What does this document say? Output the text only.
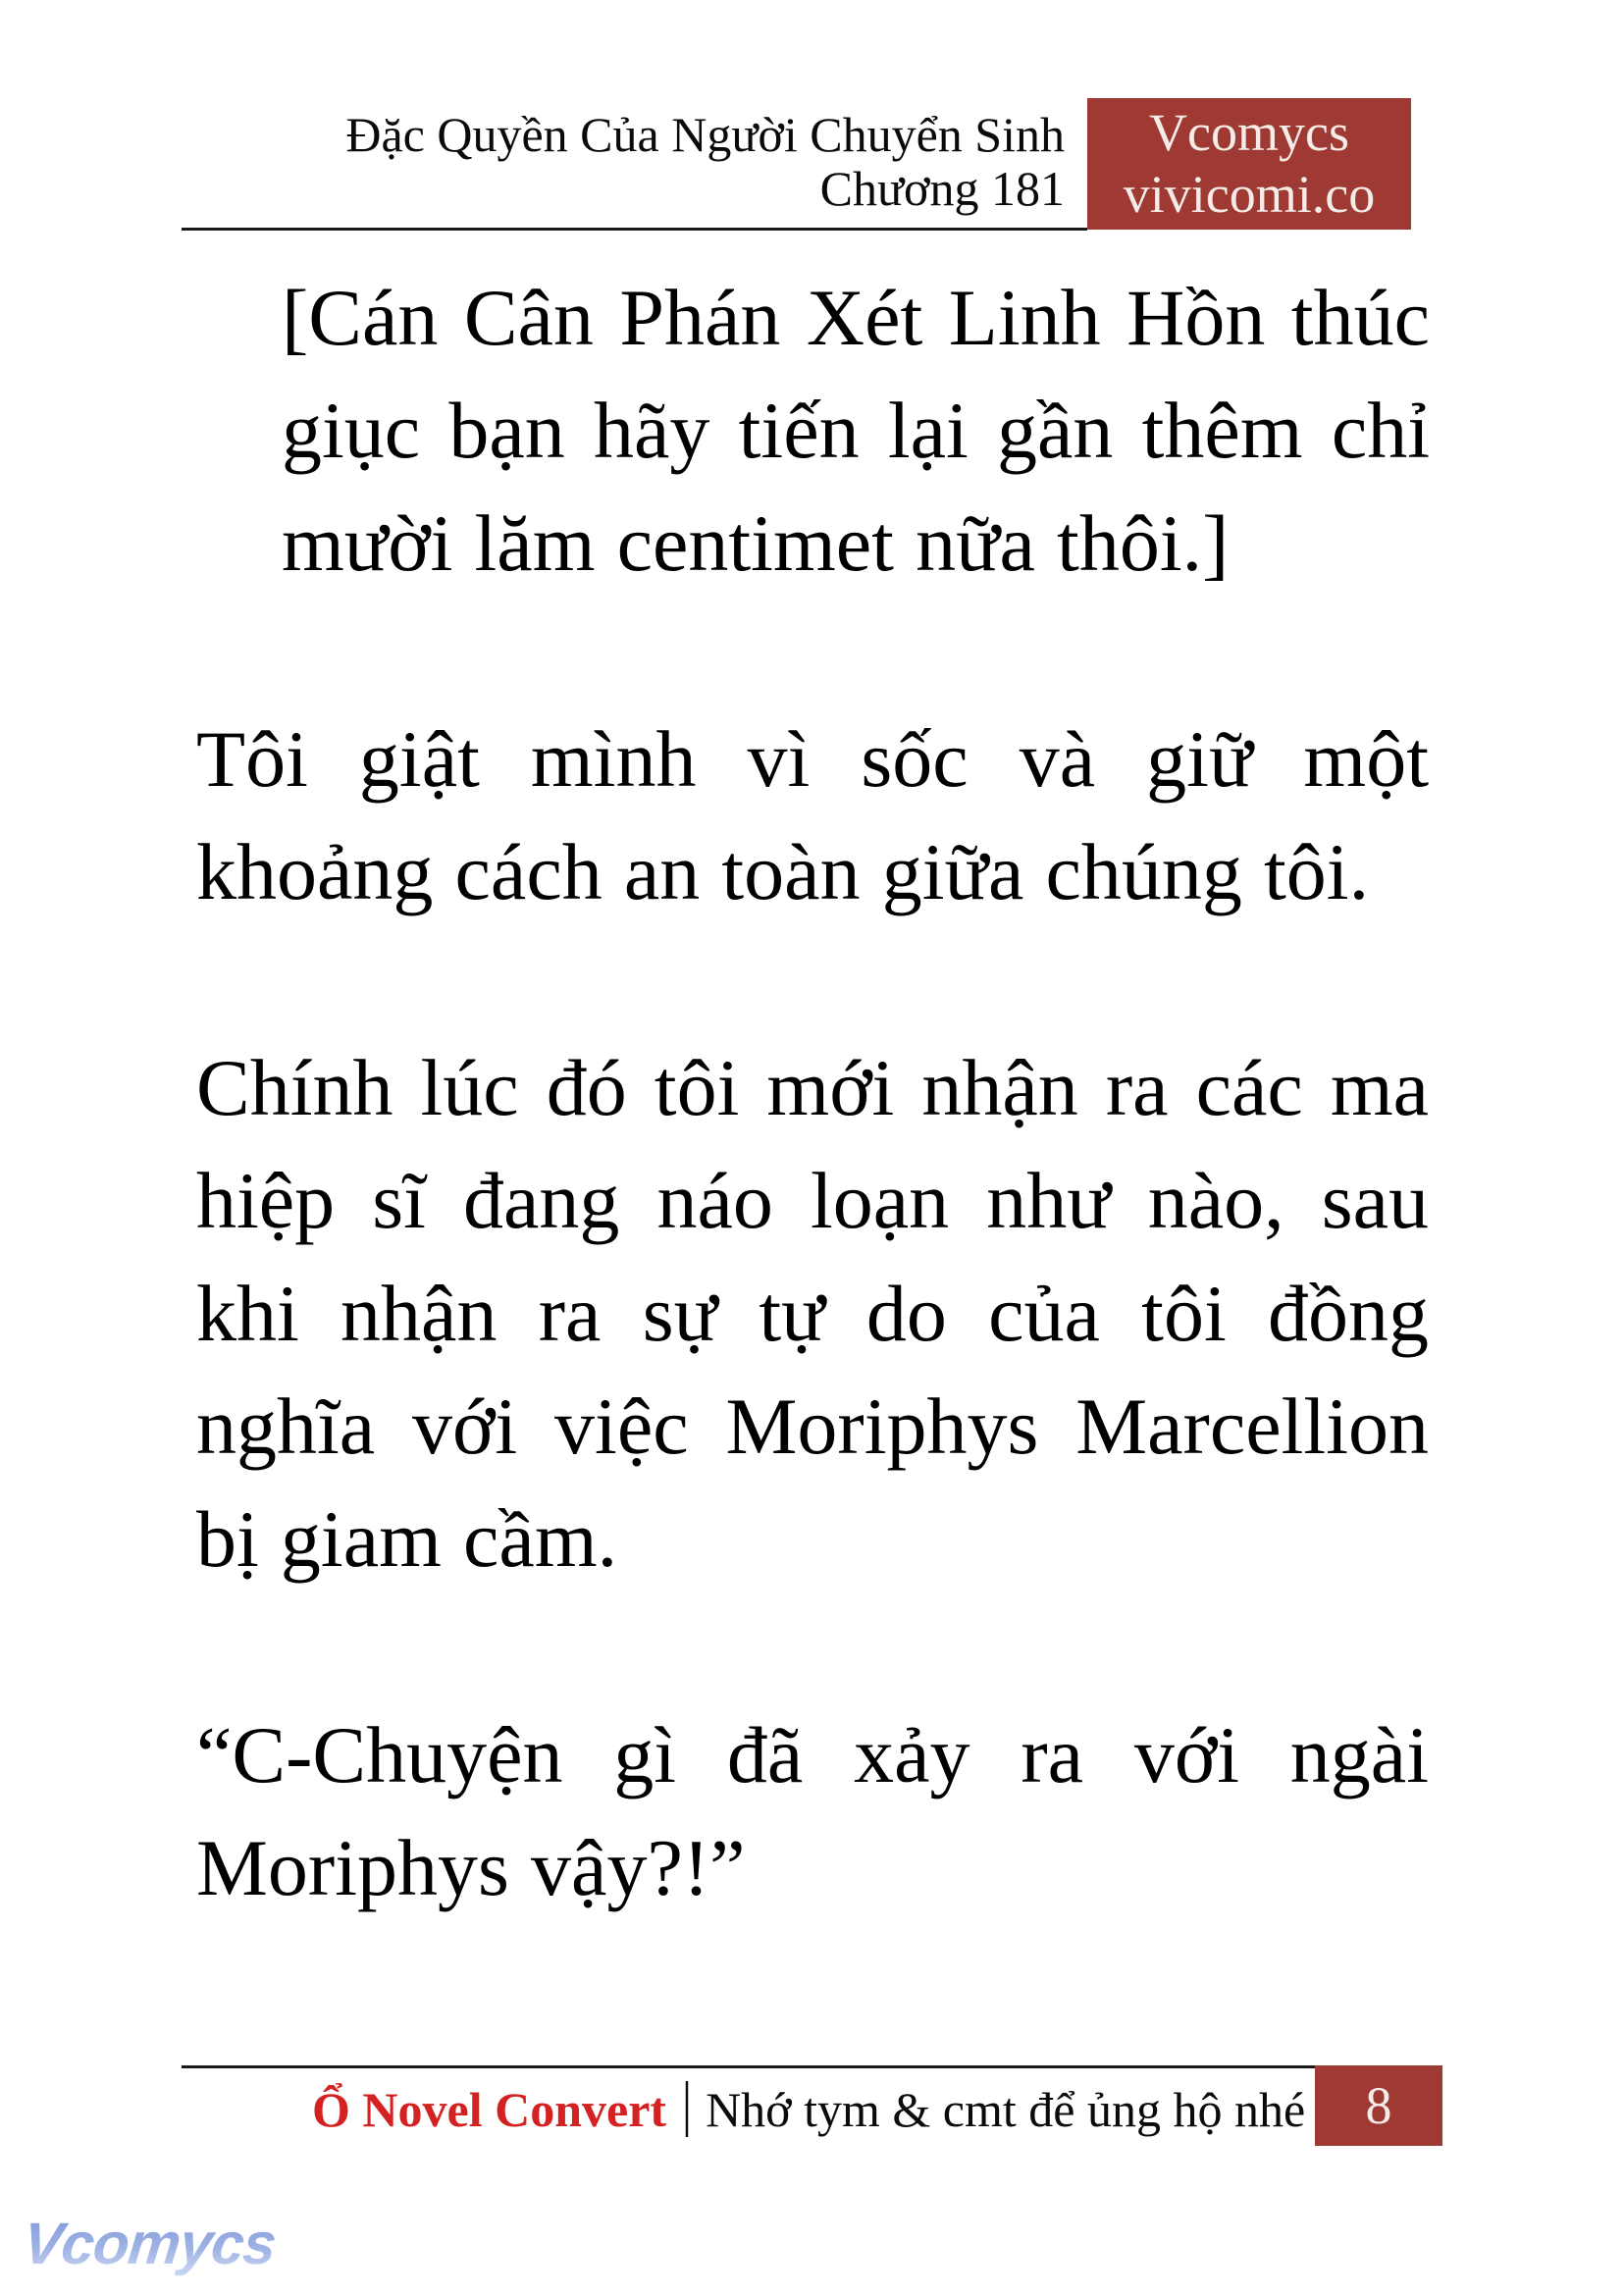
Đặc Quyền Của Người Chuyển Sinh
Chương 181
Vcomycs
vivicomi.co
[Cán Cân Phán Xét Linh Hồn thúc
giục bạn hãy tiến lại gần thêm chỉ
mười lăm centimet nữa thôi.]
Tôi giật mình vì sốc và giữ một
khoảng cách an toàn giữa chúng tôi.
Chính lúc đó tôi mới nhận ra các ma
hiệp sĩ đang náo loạn như nào, sau
khi nhận ra sự tự do của tôi đồng
nghĩa với việc Moriphys Marcellion
bị giam cầm.
“C-Chuyện gì đã xảy ra với ngài
Moriphys vậy?!”
Ổ Novel Convert | Nhớ tym & cmt để ủng hộ nhé 8
Vcomycs
